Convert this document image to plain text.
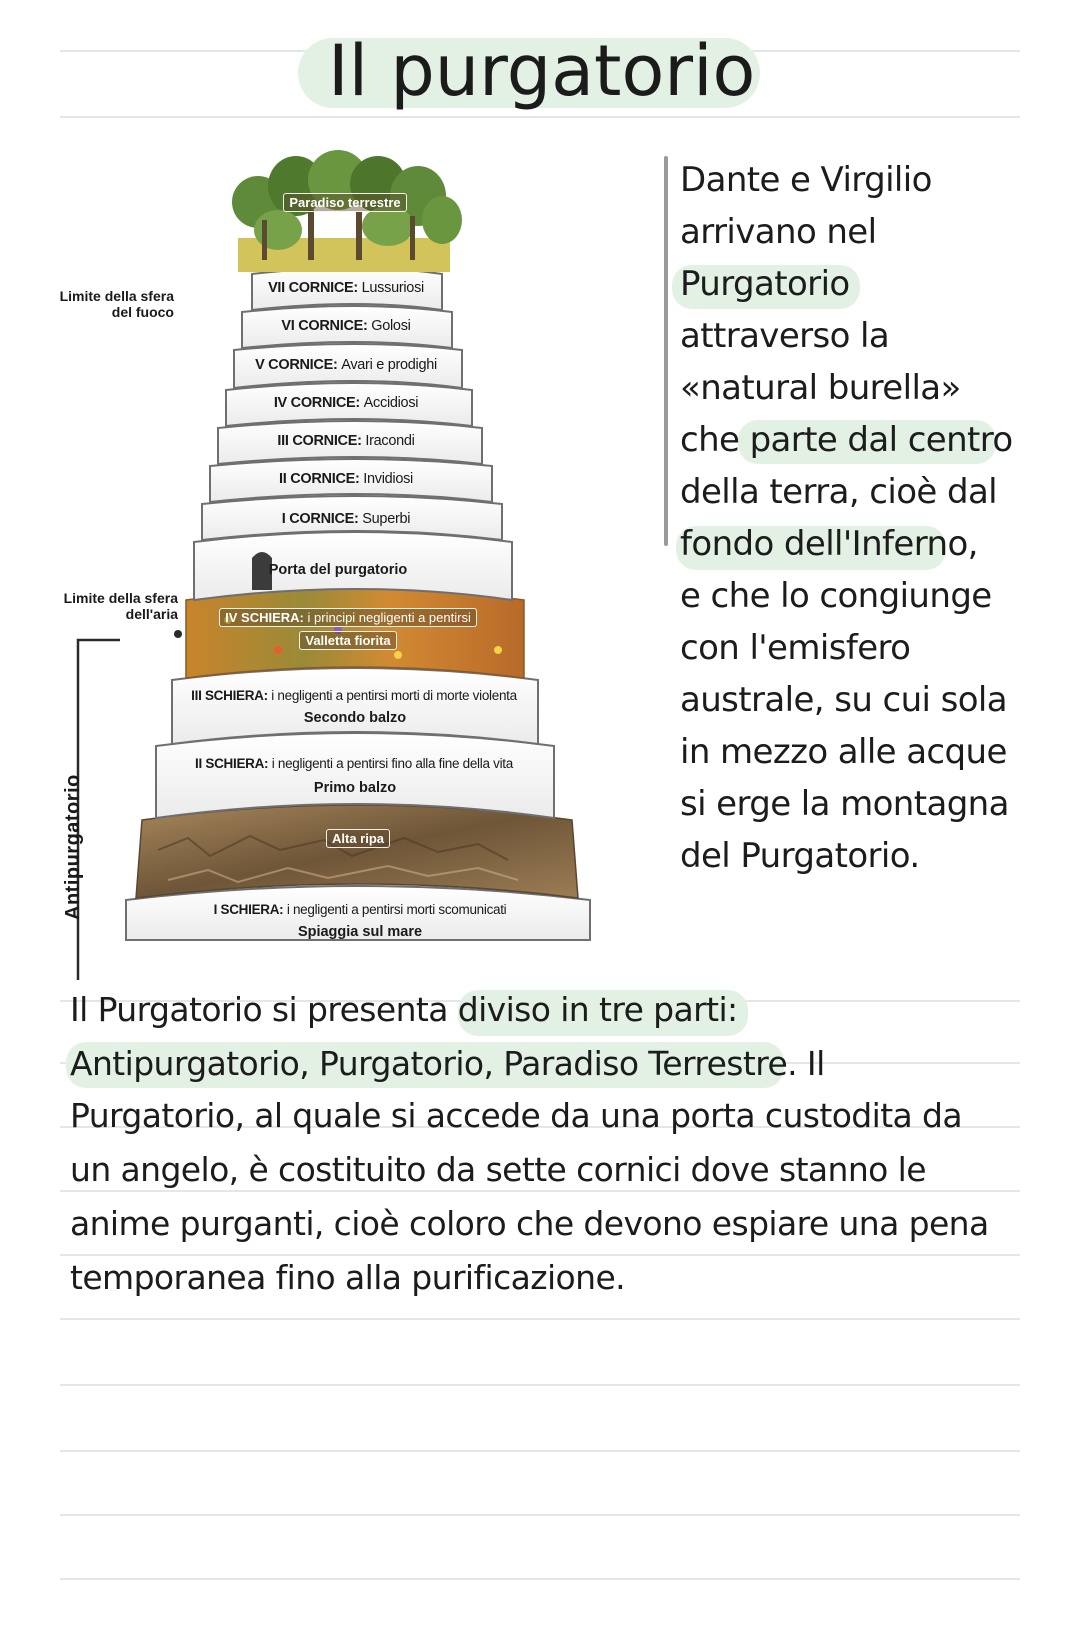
Il purgatorio
Paradiso terrestre
VII CORNICE: Lussuriosi
VI CORNICE: Golosi
V CORNICE: Avari e prodighi
IV CORNICE: Accidiosi
III CORNICE: Iracondi
II CORNICE: Invidiosi
I CORNICE: Superbi
Porta del purgatorio
IV SCHIERA: i principi negligenti a pentirsi
Valletta fiorita
III SCHIERA: i negligenti a pentirsi morti di morte violenta
Secondo balzo
II SCHIERA: i negligenti a pentirsi fino alla fine della vita
Primo balzo
Alta ripa
I SCHIERA: i negligenti a pentirsi morti scomunicati
Spiaggia sul mare
Limite della sfera
del fuoco
Limite della sfera
dell'aria
Antipurgatorio
Dante e Virgilio
arrivano nel
Purgatorio
attraverso la
«natural burella»
che parte dal centro
della terra, cioè dal
fondo dell'Inferno,
e che lo congiunge
con l'emisfero
australe, su cui sola
in mezzo alle acque
si erge la montagna
del Purgatorio.
Il Purgatorio si presenta diviso in tre parti:
Antipurgatorio, Purgatorio, Paradiso Terrestre. Il
Purgatorio, al quale si accede da una porta custodita da
un angelo, è costituito da sette cornici dove stanno le
anime purganti, cioè coloro che devono espiare una pena
temporanea fino alla purificazione.
